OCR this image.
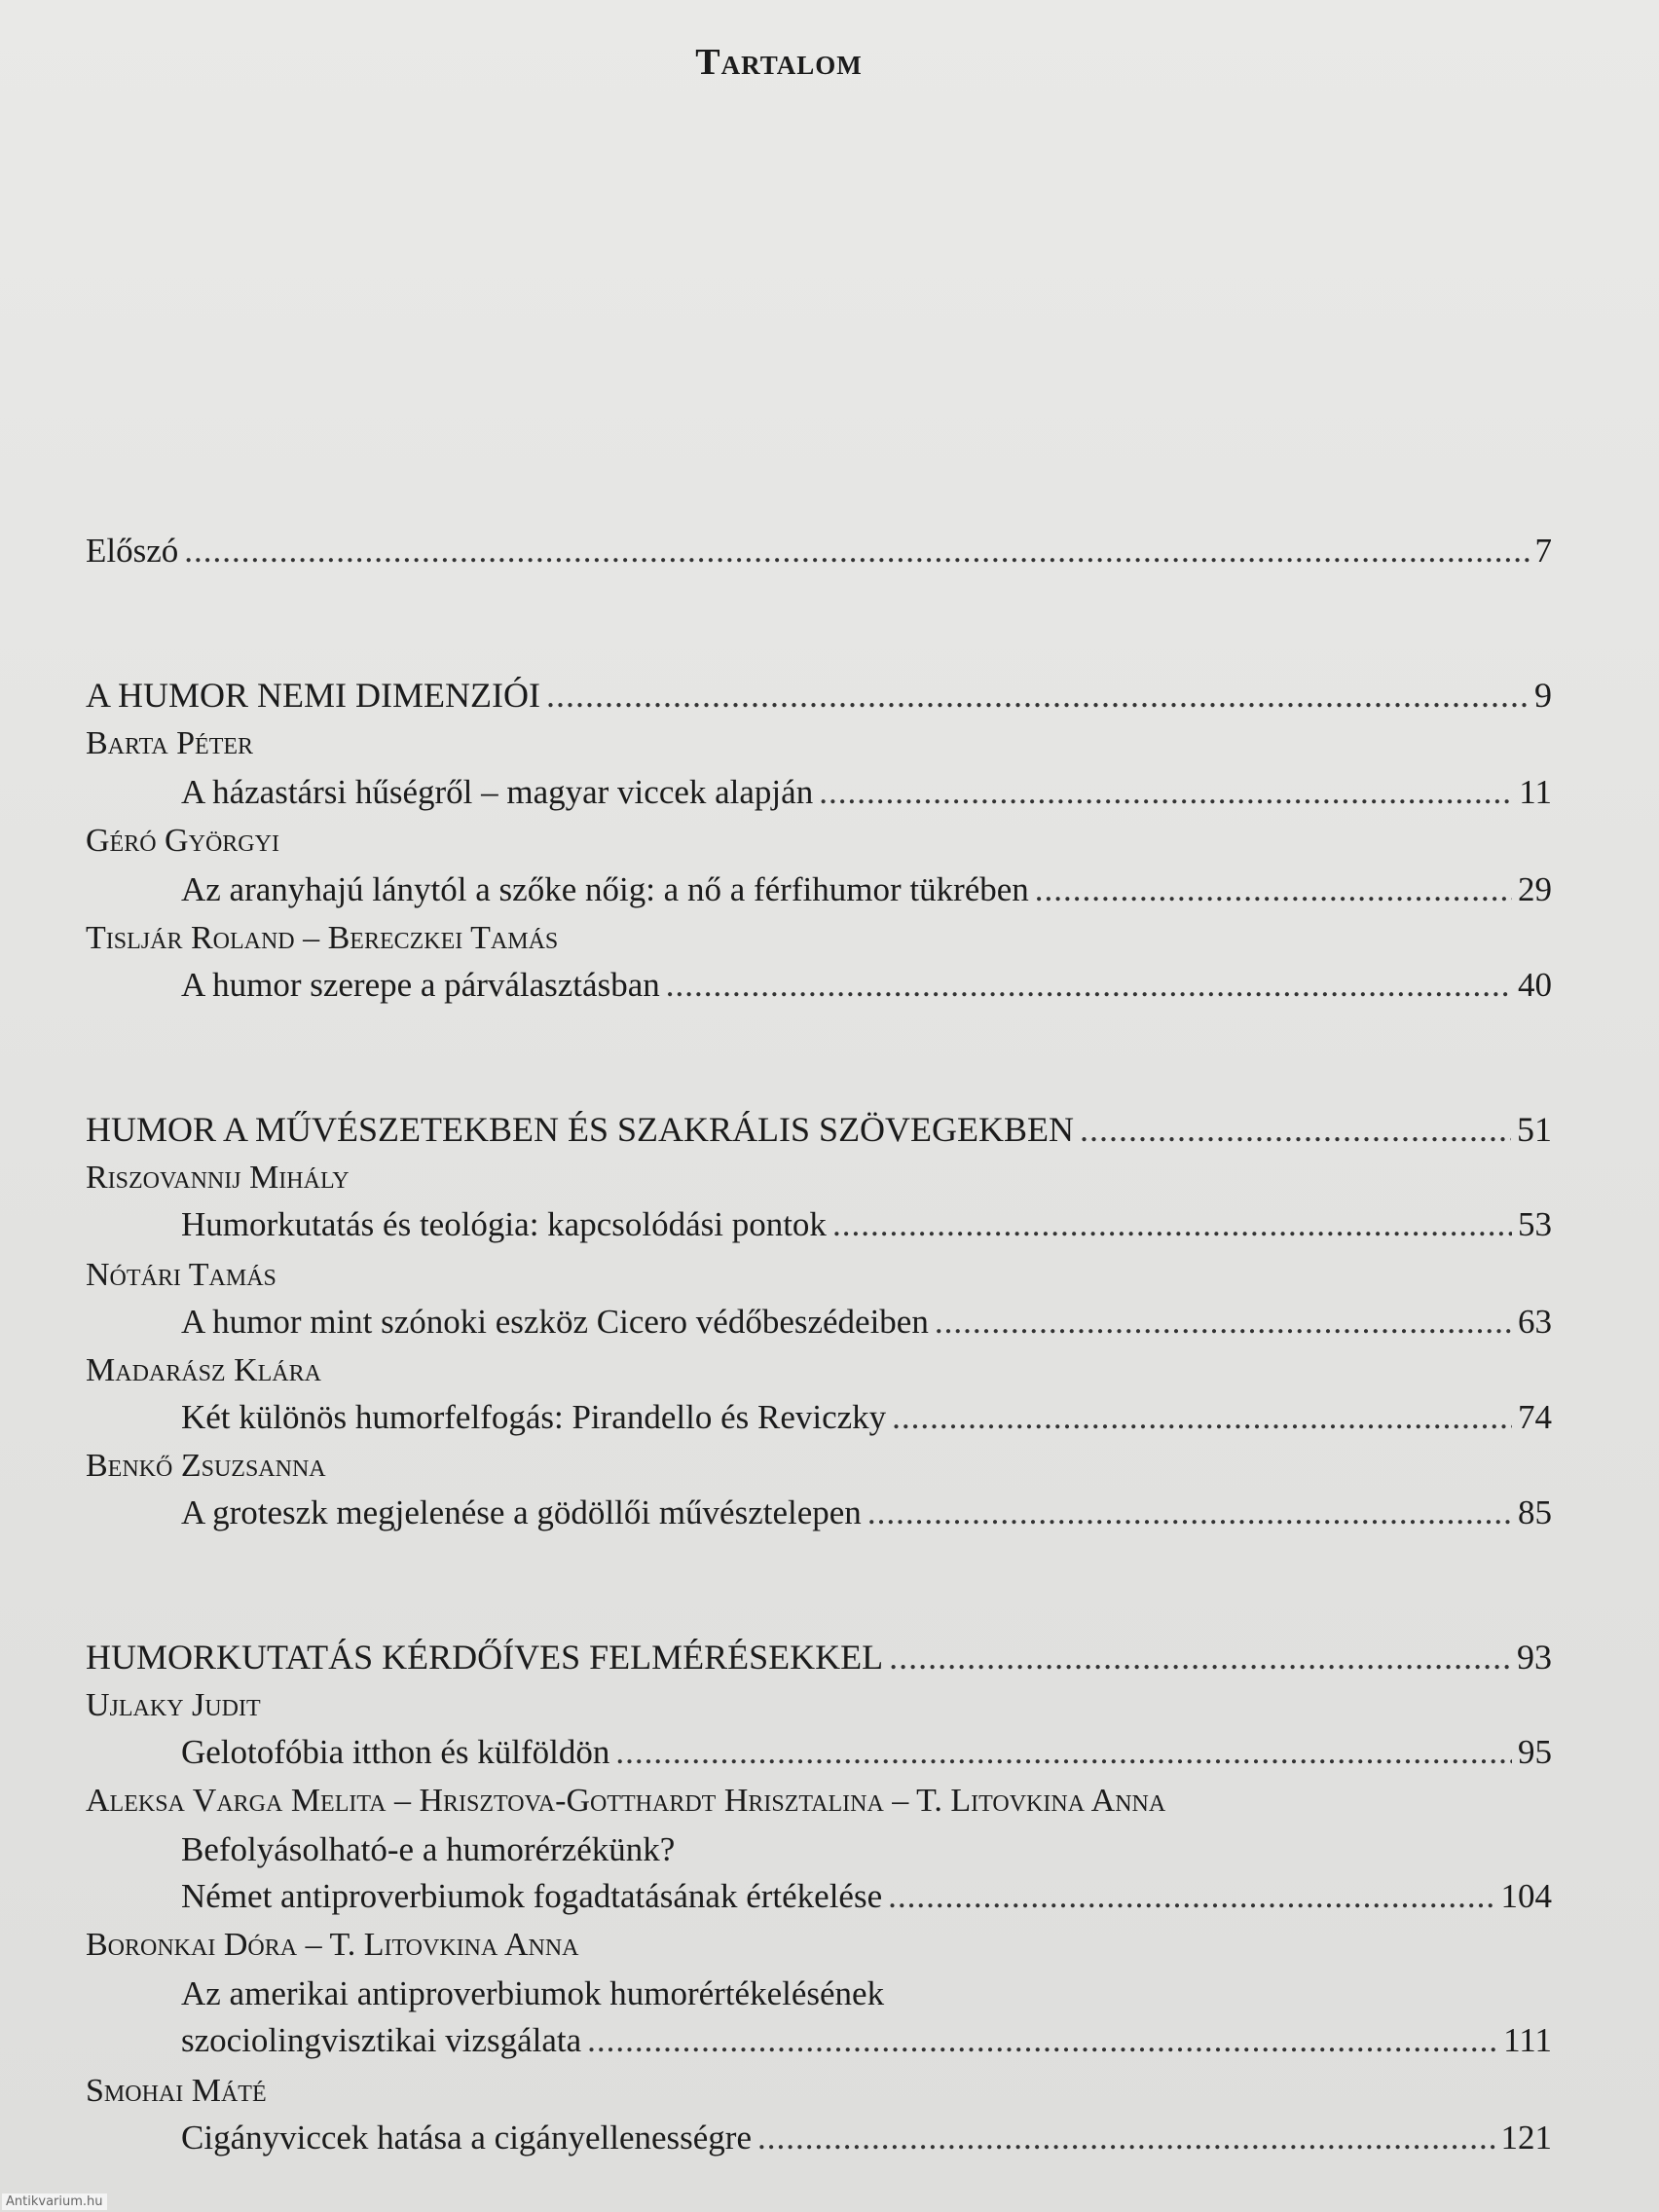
Tartalom
Előszó .....	7
A HUMOR NEMI DIMENZIÓI .....	9
Barta Péter
A házastársi hűségről – magyar viccek alapján .....	11
Géró Györgyi
Az aranyhajú lánytól a szőke nőig: a nő a férfihumor tükrében .....	29
Tisljár Roland – Bereczkei Tamás
A humor szerepe a párválasztásban .....	40
HUMOR A MŰVÉSZETEKBEN ÉS SZAKRÁLIS SZÖVEGEKBEN .....	51
Riszovannij Mihály
Humorkutatás és teológia: kapcsolódási pontok .....	53
Nótári Tamás
A humor mint szónoki eszköz Cicero védőbeszédeiben .....	63
Madarász Klára
Két különös humorfelfogás: Pirandello és Reviczky .....	74
Benkő Zsuzsanna
A groteszk megjelenése a gödöllői művésztelepen .....	85
HUMORKUTATÁS KÉRDŐÍVES FELMÉRÉSEKKEL .....	93
Ujlaky Judit
Gelotofóbia itthon és külföldön .....	95
Aleksa Varga Melita – Hrisztova-Gotthardt Hrisztalina – T. Litovkina Anna
Befolyásolható-e a humorérzékünk?
Német antiproverbiumok fogadtatásának értékelése .....	104
Boronkai Dóra – T. Litovkina Anna
Az amerikai antiproverbiumok humorértékelésének
szociolingvisztikai vizsgálata .....	111
Smohai Máté
Cigányviccek hatása a cigányellenességre .....	121
Antikvarium.hu
